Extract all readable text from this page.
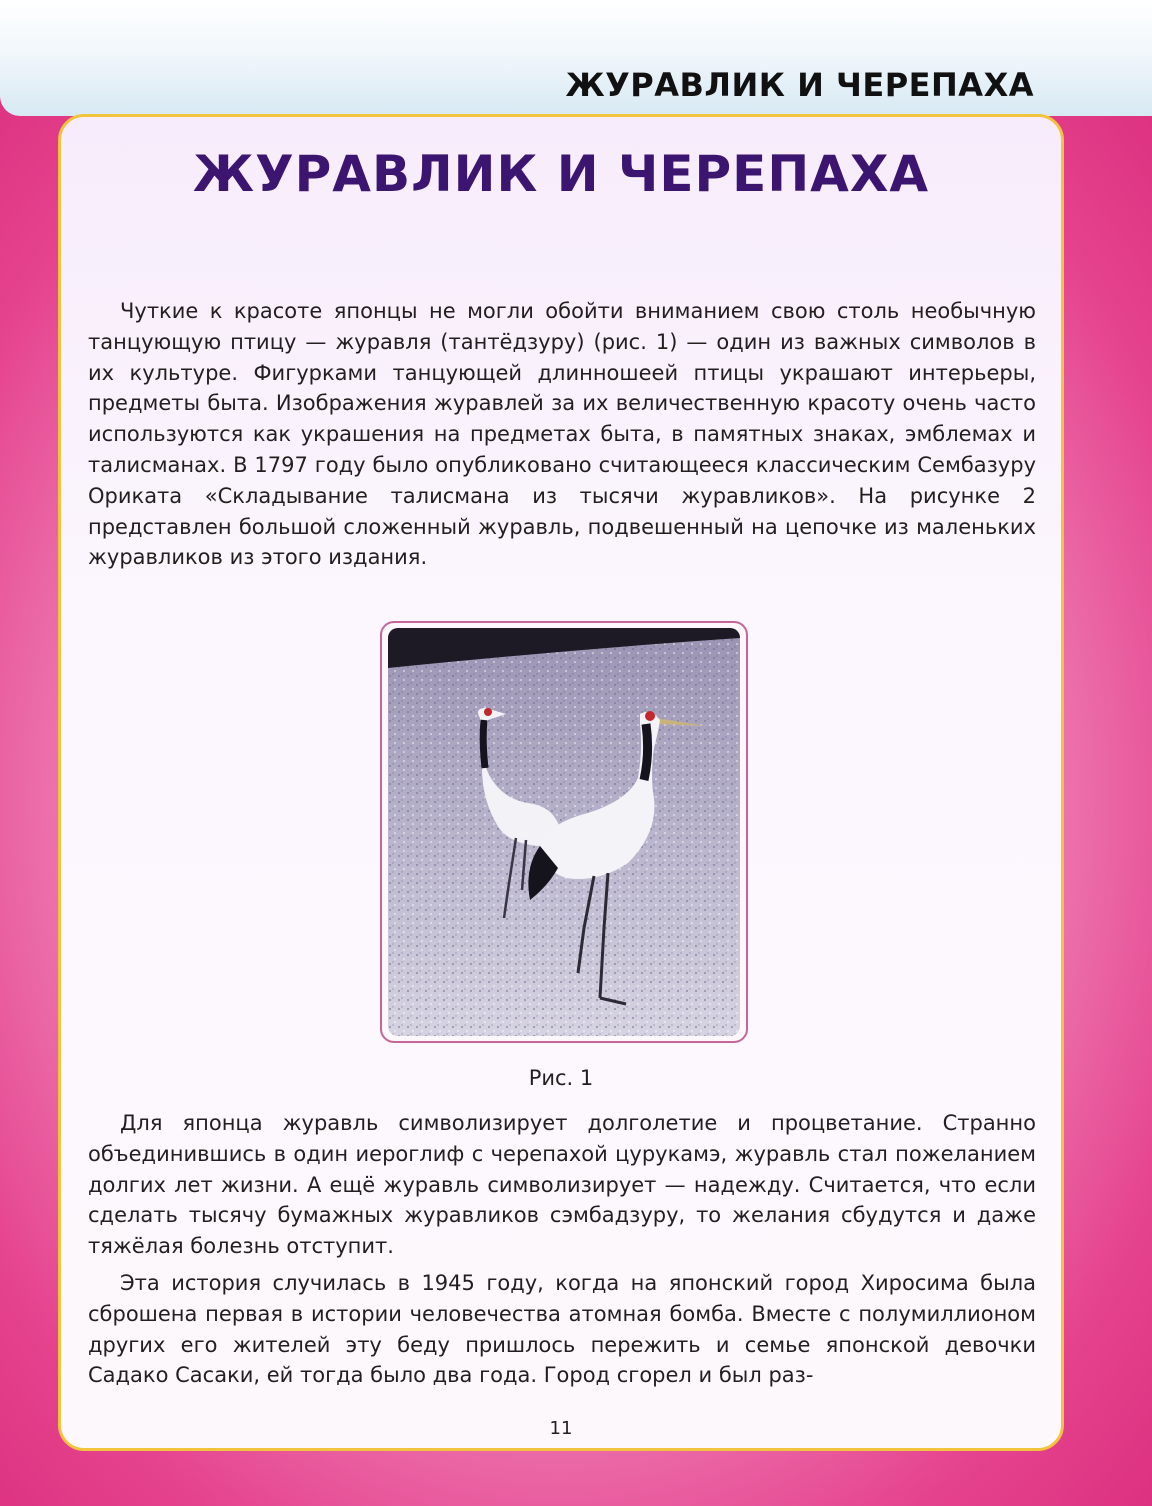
ЖУРАВЛИК И ЧЕРЕПАХА
ЖУРАВЛИК И ЧЕРЕПАХА

Чуткие к красоте японцы не могли обойти вниманием свою столь необычную танцующую птицу — журавля (тантёдзуру) (рис. 1) — один из важных символов в их культуре. Фигурками танцующей длинношеей птицы украшают интерьеры, предметы быта. Изображения журавлей за их величественную красоту очень часто используются как украшения на предметах быта, в памятных знаках, эмблемах и талисманах. В 1797 году было опубликовано считающееся классическим Сембазуру Ориката «Складывание талисмана из тысячи журавликов». На рисунке 2 представлен большой сложенный журавль, подвешенный на цепочке из маленьких журавликов из этого издания.

Рис. 1

Для японца журавль символизирует долголетие и процветание. Странно объединившись в один иероглиф с черепахой цурукамэ, журавль стал пожеланием долгих лет жизни. А ещё журавль символизирует — надежду. Считается, что если сделать тысячу бумажных журавликов сэмбадзуру, то желания сбудутся и даже тяжёлая болезнь отступит.

Эта история случилась в 1945 году, когда на японский город Хиросима была сброшена первая в истории человечества атомная бомба. Вместе с полумиллионом других его жителей эту беду пришлось пережить и семье японской девочки Садако Сасаки, ей тогда было два года. Город сгорел и был раз-

11
